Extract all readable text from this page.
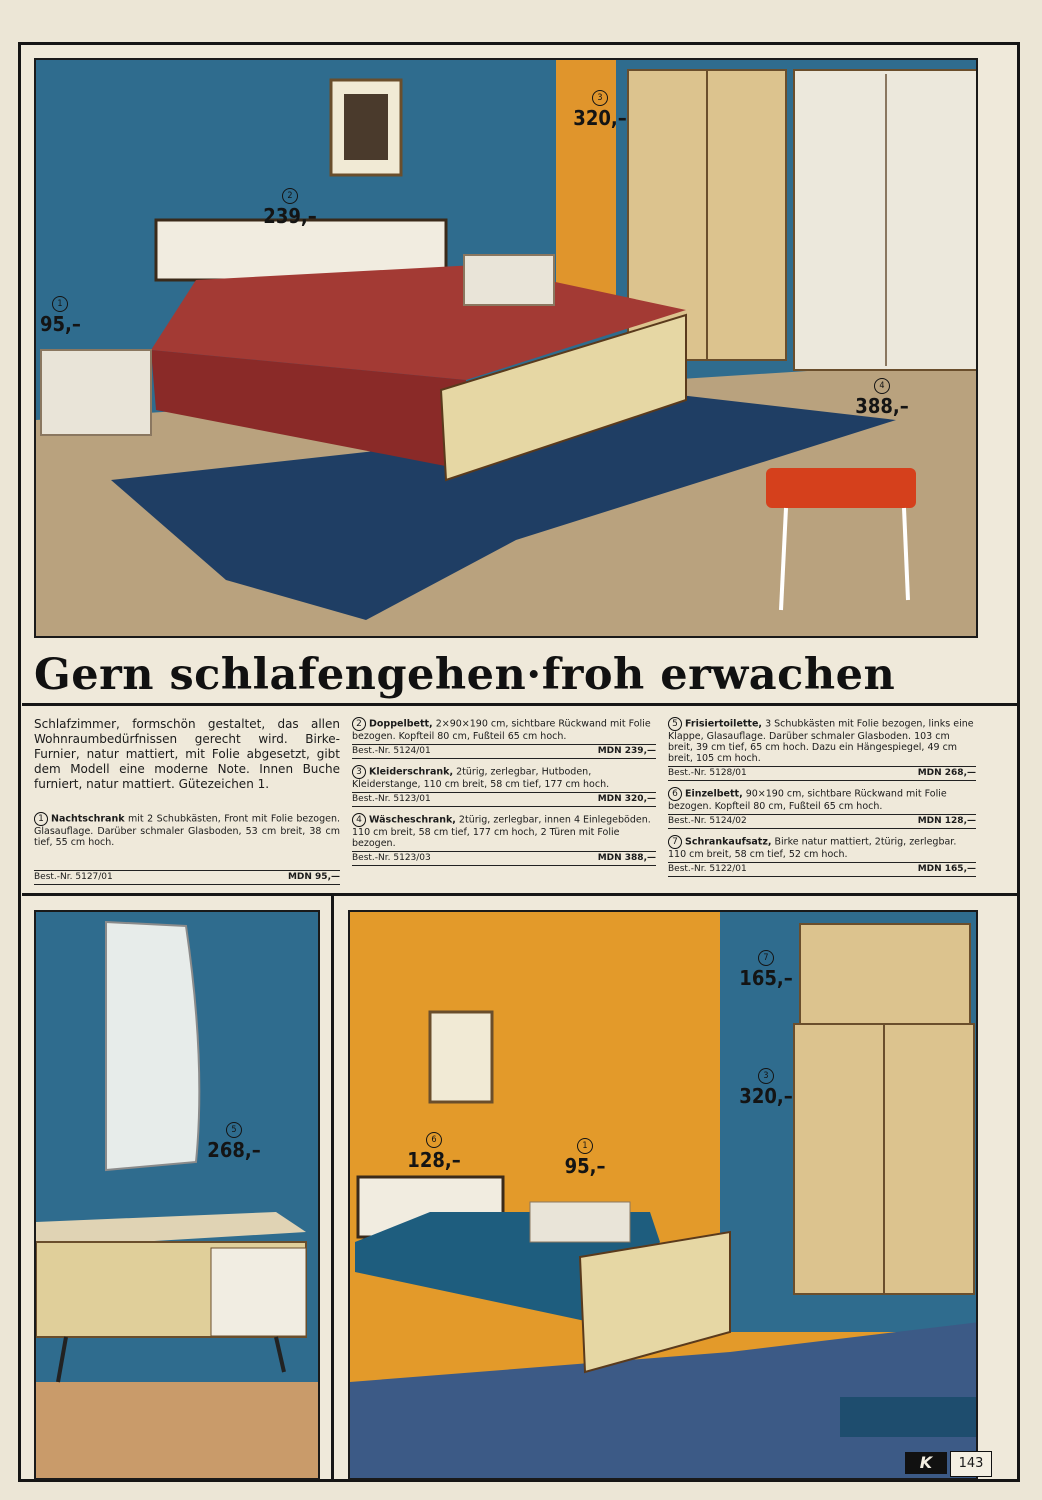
1
95,–
2
239,–
3
320,–
4
388,–
Gern schlafengehen·froh erwachen
Schlafzimmer, formschön gestaltet, das allen Wohnraumbedürfnissen gerecht wird. Birke-Furnier, natur mattiert, mit Folie abgesetzt, gibt dem Modell eine moderne Note. Innen Buche furniert, natur mattiert. Gütezeichen 1.
1 Nachtschrank mit 2 Schubkästen, Front mit Folie bezogen. Glasauflage. Darüber schmaler Glasboden, 53 cm breit, 38 cm tief, 55 cm hoch.
Best.-Nr. 5127/01	MDN 95,—
2 Doppelbett, 2×90×190 cm, sichtbare Rückwand mit Folie bezogen. Kopfteil 80 cm, Fußteil 65 cm hoch.
Best.-Nr. 5124/01	MDN 239,—
3 Kleiderschrank, 2türig, zerlegbar, Hutboden, Kleiderstange, 110 cm breit, 58 cm tief, 177 cm hoch.
Best.-Nr. 5123/01	MDN 320,—
4 Wäscheschrank, 2türig, zerlegbar, innen 4 Einlegeböden. 110 cm breit, 58 cm tief, 177 cm hoch, 2 Türen mit Folie bezogen.
Best.-Nr. 5123/03	MDN 388,—
5 Frisiertoilette, 3 Schubkästen mit Folie bezogen, links eine Klappe, Glasauflage. Darüber schmaler Glasboden. 103 cm breit, 39 cm tief, 65 cm hoch. Dazu ein Hängespiegel, 49 cm breit, 105 cm hoch.
Best.-Nr. 5128/01	MDN 268,—
6 Einzelbett, 90×190 cm, sichtbare Rückwand mit Folie bezogen. Kopfteil 80 cm, Fußteil 65 cm hoch.
Best.-Nr. 5124/02	MDN 128,—
7 Schrankaufsatz, Birke natur mattiert, 2türig, zerlegbar. 110 cm breit, 58 cm tief, 52 cm hoch.
Best.-Nr. 5122/01	MDN 165,—
5
268,–	6
128,–
1
95,–
7
165,–
3
320,–
K	143
